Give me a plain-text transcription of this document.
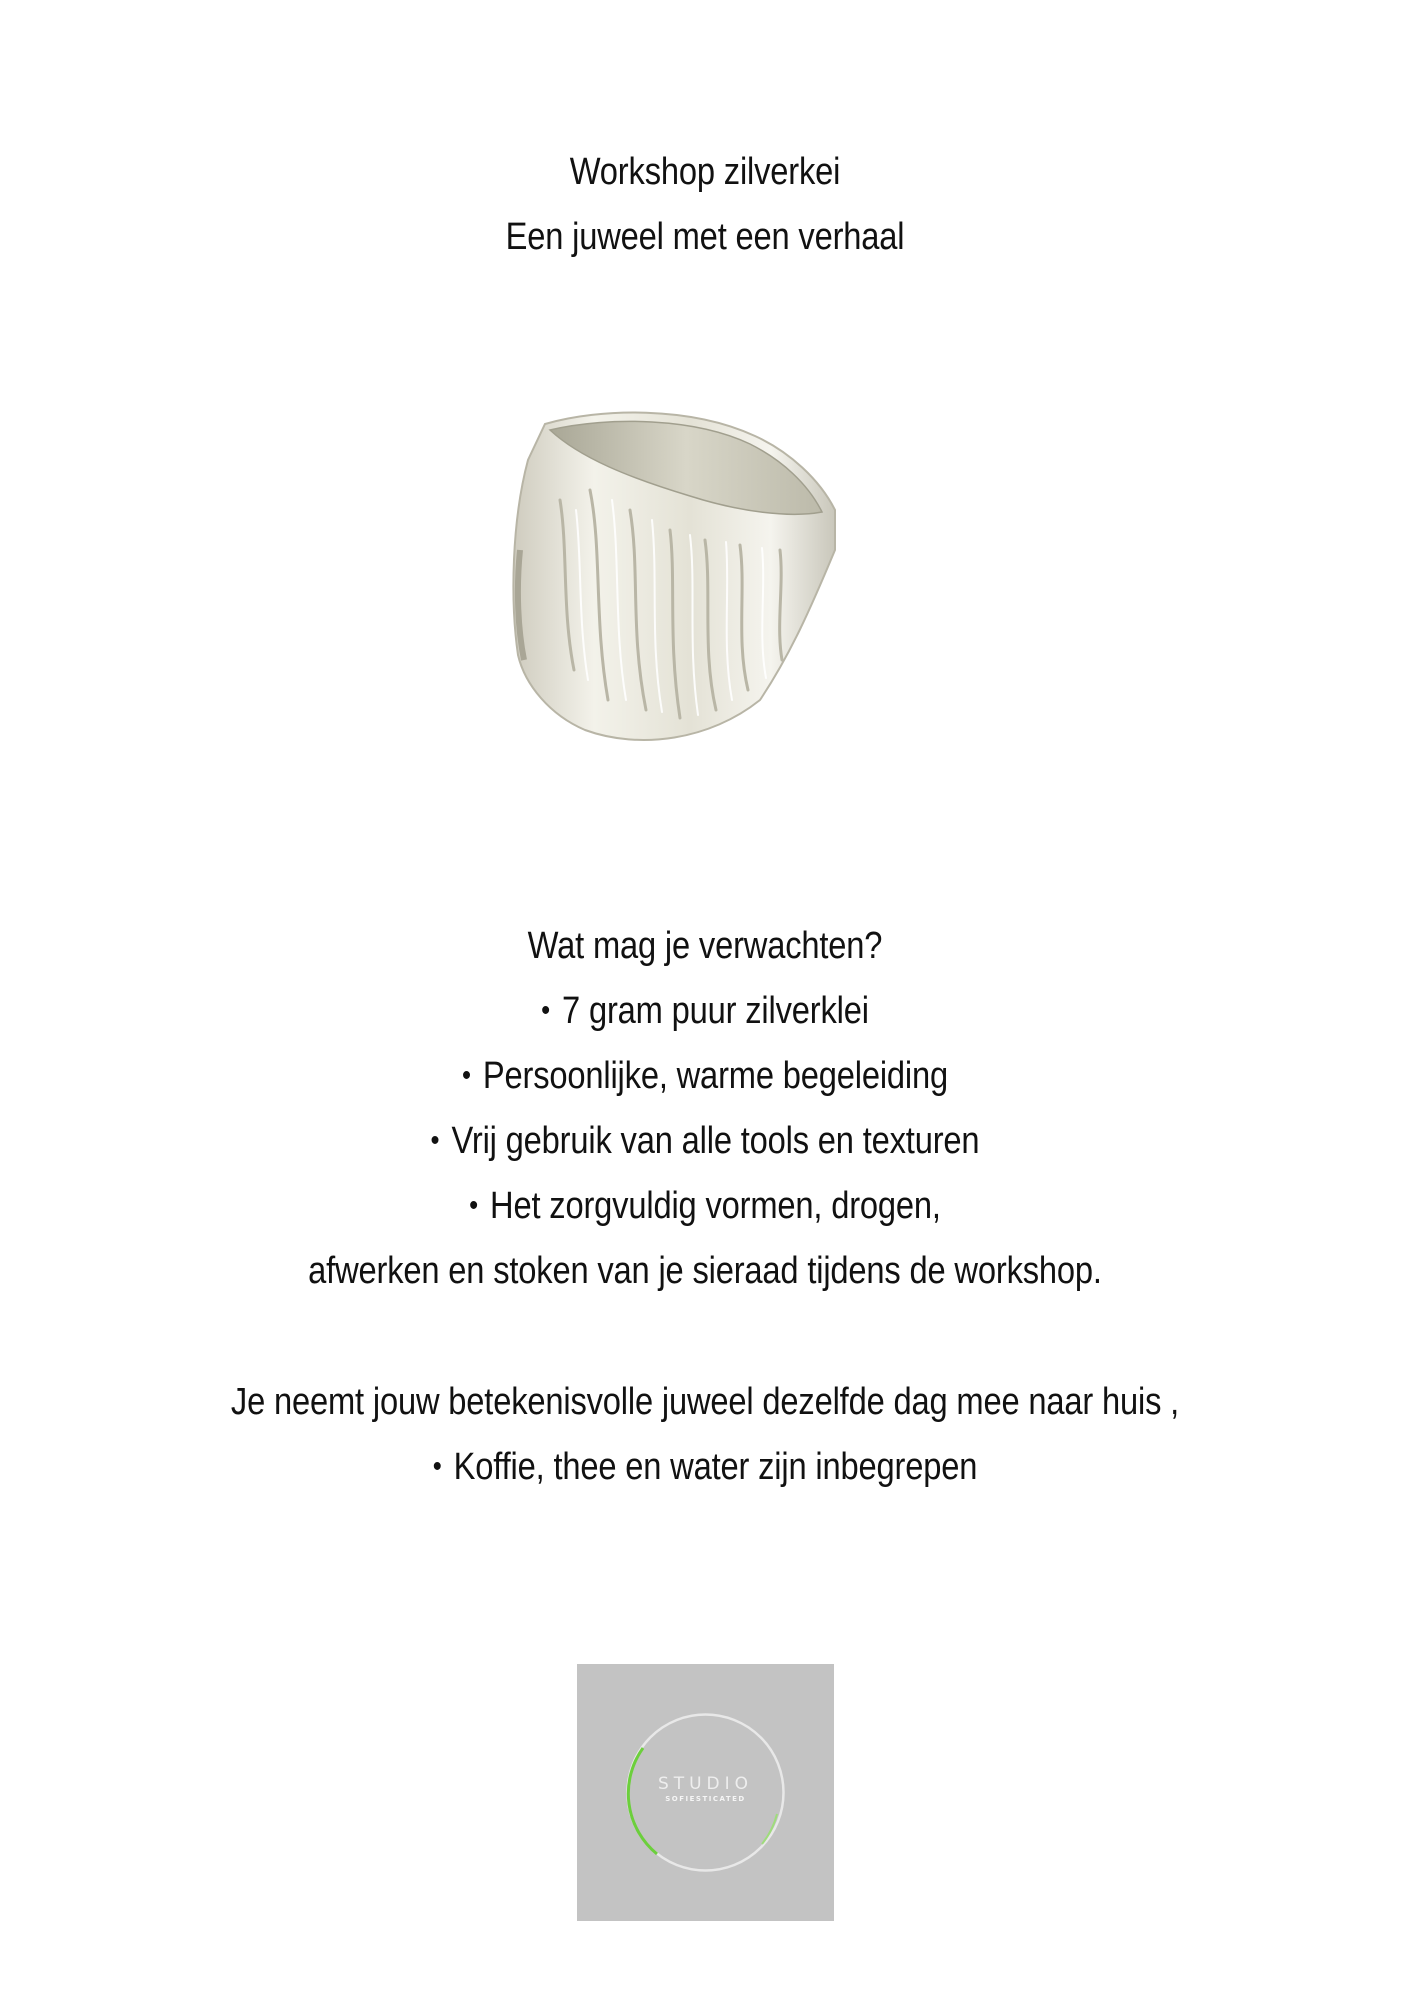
Workshop zilverkei
Een juweel met een verhaal
Wat mag je verwachten?
• 7 gram puur zilverklei
• Persoonlijke, warme begeleiding
• Vrij gebruik van alle tools en texturen
• Het zorgvuldig vormen, drogen,
afwerken en stoken van je sieraad tijdens de workshop.
Je neemt jouw betekenisvolle juweel dezelfde dag mee naar huis ,
• Koffie, thee en water zijn inbegrepen
STUDIO
SOFIESTICATED
